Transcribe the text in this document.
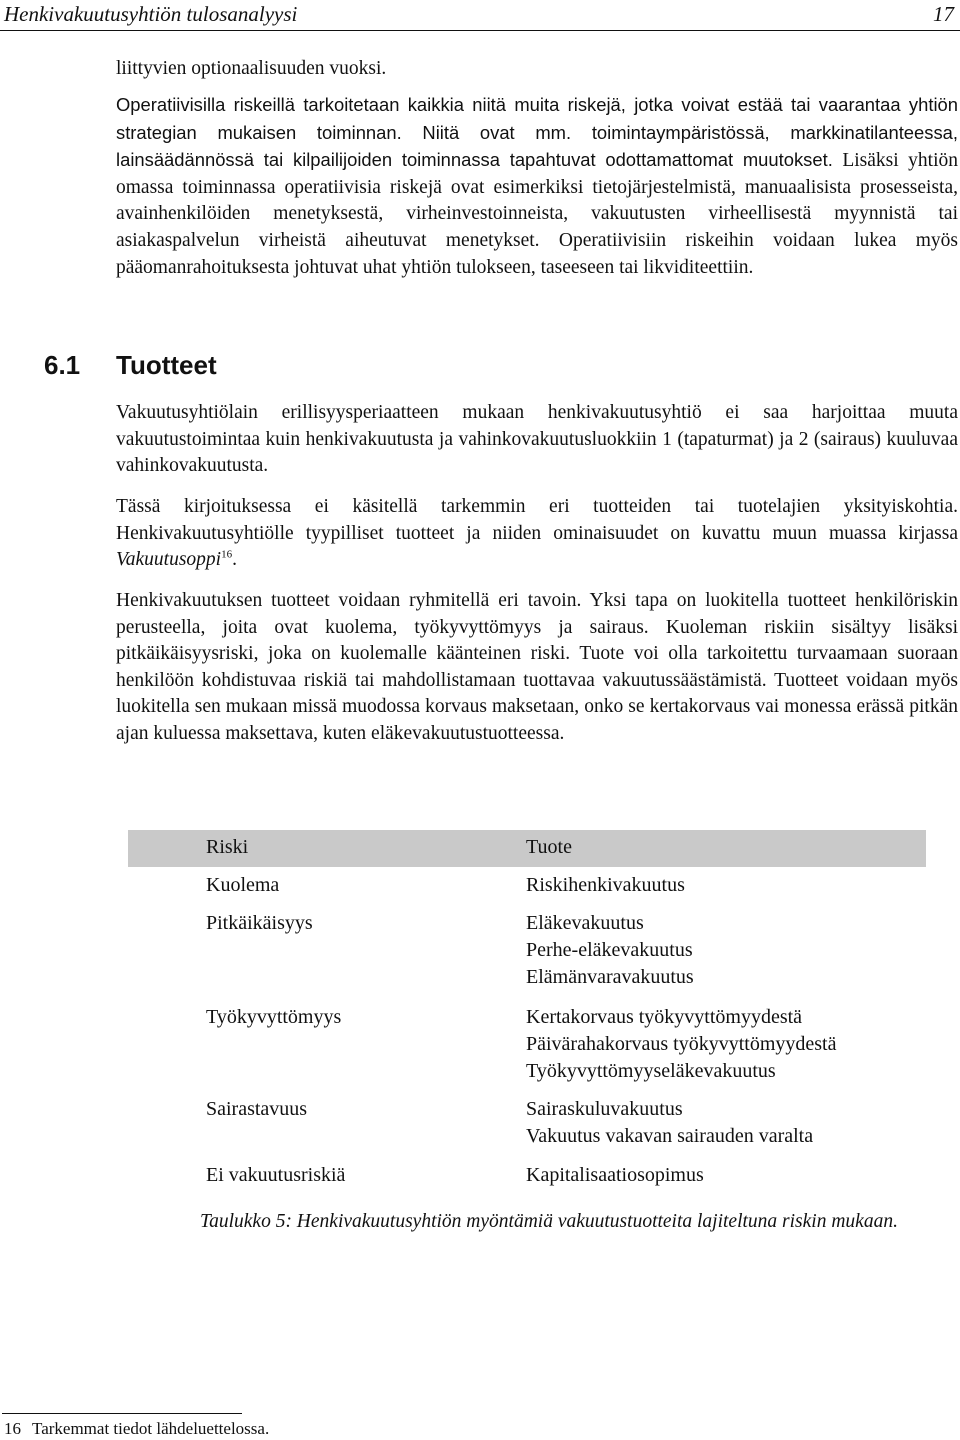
Henkivakuutusyhtiön tulosanalyysi	17
liittyvien optionaalisuuden vuoksi.
Operatiivisilla riskeillä tarkoitetaan kaikkia niitä muita riskejä, jotka voivat estää tai vaarantaa yhtiön strategian mukaisen toiminnan. Niitä ovat mm. toimintaympäristössä, markkinatilanteessa, lainsäädännössä tai kilpailijoiden toiminnassa tapahtuvat odottamattomat muutokset. Lisäksi yhtiön omassa toiminnassa operatiivisia riskejä ovat esimerkiksi tietojärjestelmistä, manuaalisista prosesseista, avainhenkilöiden menetyksestä, virheinvestoinneista, vakuutusten virheellisestä myynnistä tai asiakaspalvelun virheistä aiheutuvat menetykset. Operatiivisiin riskeihin voidaan lukea myös pääomanrahoituksesta johtuvat uhat yhtiön tulokseen, taseeseen tai likviditeettiin.
6.1 Tuotteet
Vakuutusyhtiölain erillisyysperiaatteen mukaan henkivakuutusyhtiö ei saa harjoittaa muuta vakuutustoimintaa kuin henkivakuutusta ja vahinkovakuutusluokkiin 1 (tapaturmat) ja 2 (sairaus) kuuluvaa vahinkovakuutusta.
Tässä kirjoituksessa ei käsitellä tarkemmin eri tuotteiden tai tuotelajien yksityiskohtia. Henkivakuutusyhtiölle tyypilliset tuotteet ja niiden ominaisuudet on kuvattu muun muassa kirjassa Vakuutusoppi$^{16}$.
Henkivakuutuksen tuotteet voidaan ryhmitellä eri tavoin. Yksi tapa on luokitella tuotteet henkilöriskin perusteella, joita ovat kuolema, työkyvyttömyys ja sairaus. Kuoleman riskiin sisältyy lisäksi pitkäikäisyysriski, joka on kuolemalle käänteinen riski. Tuote voi olla tarkoitettu turvaamaan suoraan henkilöön kohdistuvaa riskiä tai mahdollistamaan tuottavaa vakuutussäästämistä. Tuotteet voidaan myös luokitella sen mukaan missä muodossa korvaus maksetaan, onko se kertakorvaus vai monessa erässä pitkän ajan kuluessa maksettava, kuten eläkevakuutustuotteessa.
Riski	Tuote
Kuolema	Riskihenkivakuutus
Pitkäikäisyys	Eläkevakuutus
Perhe-eläkevakuutus
Elämänvaravakuutus
Työkyvyttömyys	Kertakorvaus työkyvyttömyydestä
Päivärahakorvaus työkyvyttömyydestä
Työkyvyttömyyseläkevakuutus
Sairastavuus	Sairaskuluvakuutus
Vakuutus vakavan sairauden varalta
Ei vakuutusriskiä	Kapitalisaatiosopimus
Taulukko 5: Henkivakuutusyhtiön myöntämiä vakuutustuotteita lajiteltuna riskin mukaan.
16 Tarkemmat tiedot lähdeluettelossa.
